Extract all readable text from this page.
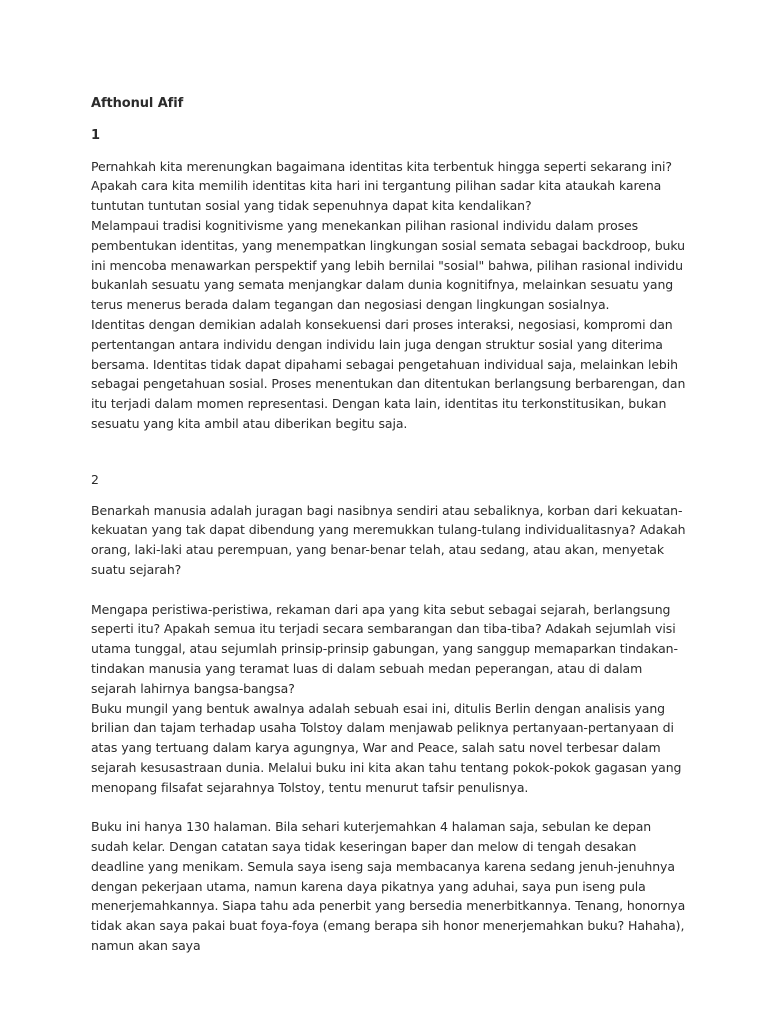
Afthonul Afif
1

Pernahkah kita merenungkan bagaimana identitas kita terbentuk hingga seperti sekarang ini? Apakah cara kita memilih identitas kita hari ini tergantung pilihan sadar kita ataukah karena tuntutan tuntutan sosial yang tidak sepenuhnya dapat kita kendalikan?

Melampaui tradisi kognitivisme yang menekankan pilihan rasional individu dalam proses pembentukan identitas, yang menempatkan lingkungan sosial semata sebagai backdroop, buku ini mencoba menawarkan perspektif yang lebih bernilai "sosial" bahwa, pilihan rasional individu bukanlah sesuatu yang semata menjangkar dalam dunia kognitifnya, melainkan sesuatu yang terus menerus berada dalam tegangan dan negosiasi dengan lingkungan sosialnya.

Identitas dengan demikian adalah konsekuensi dari proses interaksi, negosiasi, kompromi dan pertentangan antara individu dengan individu lain juga dengan struktur sosial yang diterima bersama. Identitas tidak dapat dipahami sebagai pengetahuan individual saja, melainkan lebih sebagai pengetahuan sosial. Proses menentukan dan ditentukan berlangsung berbarengan, dan itu terjadi dalam momen representasi. Dengan kata lain, identitas itu terkonstitusikan, bukan sesuatu yang kita ambil atau diberikan begitu saja.

2

Benarkah manusia adalah juragan bagi nasibnya sendiri atau sebaliknya, korban dari kekuatan-kekuatan yang tak dapat dibendung yang meremukkan tulang-tulang individualitasnya? Adakah orang, laki-laki atau perempuan, yang benar-benar telah, atau sedang, atau akan, menyetak suatu sejarah?

Mengapa peristiwa-peristiwa, rekaman dari apa yang kita sebut sebagai sejarah, berlangsung seperti itu? Apakah semua itu terjadi secara sembarangan dan tiba-tiba? Adakah sejumlah visi utama tunggal, atau sejumlah prinsip-prinsip gabungan, yang sanggup memaparkan tindakan-tindakan manusia yang teramat luas di dalam sebuah medan peperangan, atau di dalam sejarah lahirnya bangsa-bangsa?

Buku mungil yang bentuk awalnya adalah sebuah esai ini, ditulis Berlin dengan analisis yang brilian dan tajam terhadap usaha Tolstoy dalam menjawab peliknya pertanyaan-pertanyaan di atas yang tertuang dalam karya agungnya, War and Peace, salah satu novel terbesar dalam sejarah kesusastraan dunia. Melalui buku ini kita akan tahu tentang pokok-pokok gagasan yang menopang filsafat sejarahnya Tolstoy, tentu menurut tafsir penulisnya.

Buku ini hanya 130 halaman. Bila sehari kuterjemahkan 4 halaman saja, sebulan ke depan sudah kelar. Dengan catatan saya tidak keseringan baper dan melow di tengah desakan deadline yang menikam. Semula saya iseng saja membacanya karena sedang jenuh-jenuhnya dengan pekerjaan utama, namun karena daya pikatnya yang aduhai, saya pun iseng pula menerjemahkannya. Siapa tahu ada penerbit yang bersedia menerbitkannya. Tenang, honornya tidak akan saya pakai buat foya-foya (emang berapa sih honor menerjemahkan buku? Hahaha), namun akan saya
